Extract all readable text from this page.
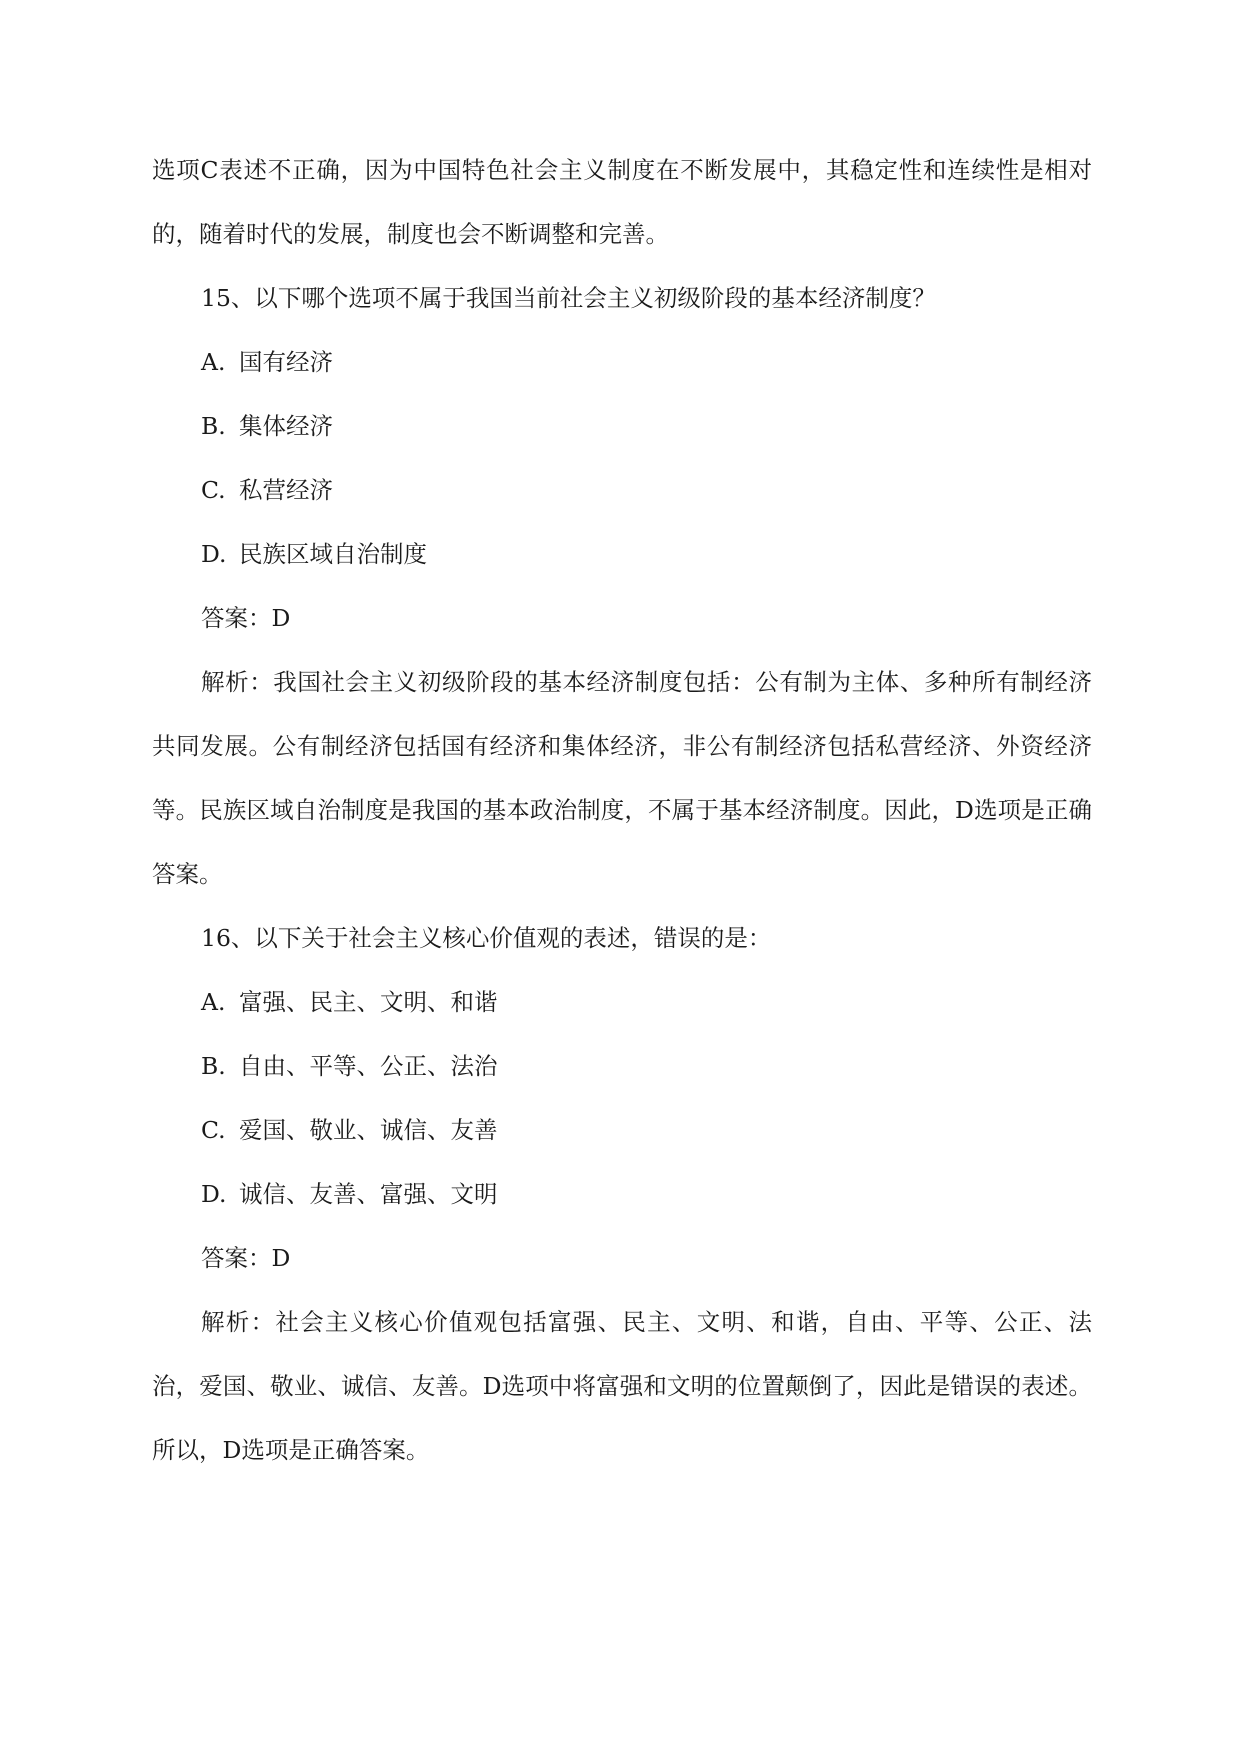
选项C表述不正确，因为中国特色社会主义制度在不断发展中，其稳定性和连续性是相对的，随着时代的发展，制度也会不断调整和完善。

15、以下哪个选项不属于我国当前社会主义初级阶段的基本经济制度？

A. 国有经济

B. 集体经济

C. 私营经济

D. 民族区域自治制度

答案：D

解析：我国社会主义初级阶段的基本经济制度包括：公有制为主体、多种所有制经济共同发展。公有制经济包括国有经济和集体经济，非公有制经济包括私营经济、外资经济等。民族区域自治制度是我国的基本政治制度，不属于基本经济制度。因此，D选项是正确答案。

16、以下关于社会主义核心价值观的表述，错误的是：

A. 富强、民主、文明、和谐

B. 自由、平等、公正、法治

C. 爱国、敬业、诚信、友善

D. 诚信、友善、富强、文明

答案：D

解析：社会主义核心价值观包括富强、民主、文明、和谐，自由、平等、公正、法治，爱国、敬业、诚信、友善。D选项中将富强和文明的位置颠倒了，因此是错误的表述。所以，D选项是正确答案。
